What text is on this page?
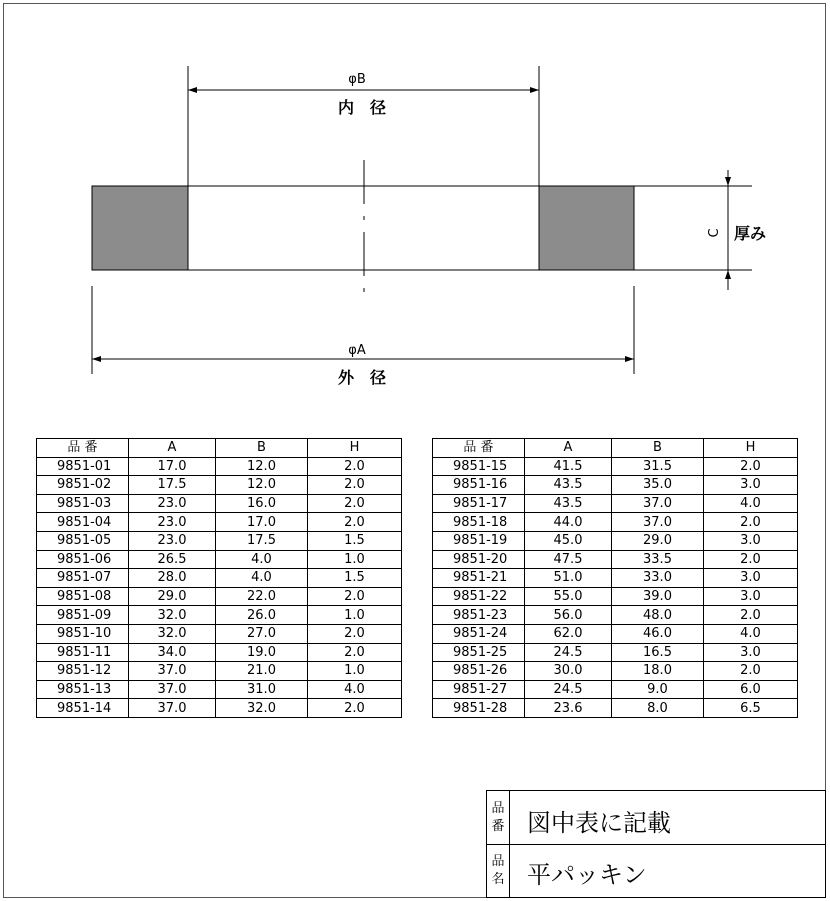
φB
内　径
C 厚み
φA
外　径
品 番	A	B	H
9851-01	17.0	12.0	2.0
9851-02	17.5	12.0	2.0
9851-03	23.0	16.0	2.0
9851-04	23.0	17.0	2.0
9851-05	23.0	17.5	1.5
9851-06	26.5	4.0	1.0
9851-07	28.0	4.0	1.5
9851-08	29.0	22.0	2.0
9851-09	32.0	26.0	1.0
9851-10	32.0	27.0	2.0
9851-11	34.0	19.0	2.0
9851-12	37.0	21.0	1.0
9851-13	37.0	31.0	4.0
9851-14	37.0	32.0	2.0
品 番	A	B	H
9851-15	41.5	31.5	2.0
9851-16	43.5	35.0	3.0
9851-17	43.5	37.0	4.0
9851-18	44.0	37.0	2.0
9851-19	45.0	29.0	3.0
9851-20	47.5	33.5	2.0
9851-21	51.0	33.0	3.0
9851-22	55.0	39.0	3.0
9851-23	56.0	48.0	2.0
9851-24	62.0	46.0	4.0
9851-25	24.5	16.5	3.0
9851-26	30.0	18.0	2.0
9851-27	24.5	9.0	6.0
9851-28	23.6	8.0	6.5
品
番 図中表に記載
品
名 平パッキン
